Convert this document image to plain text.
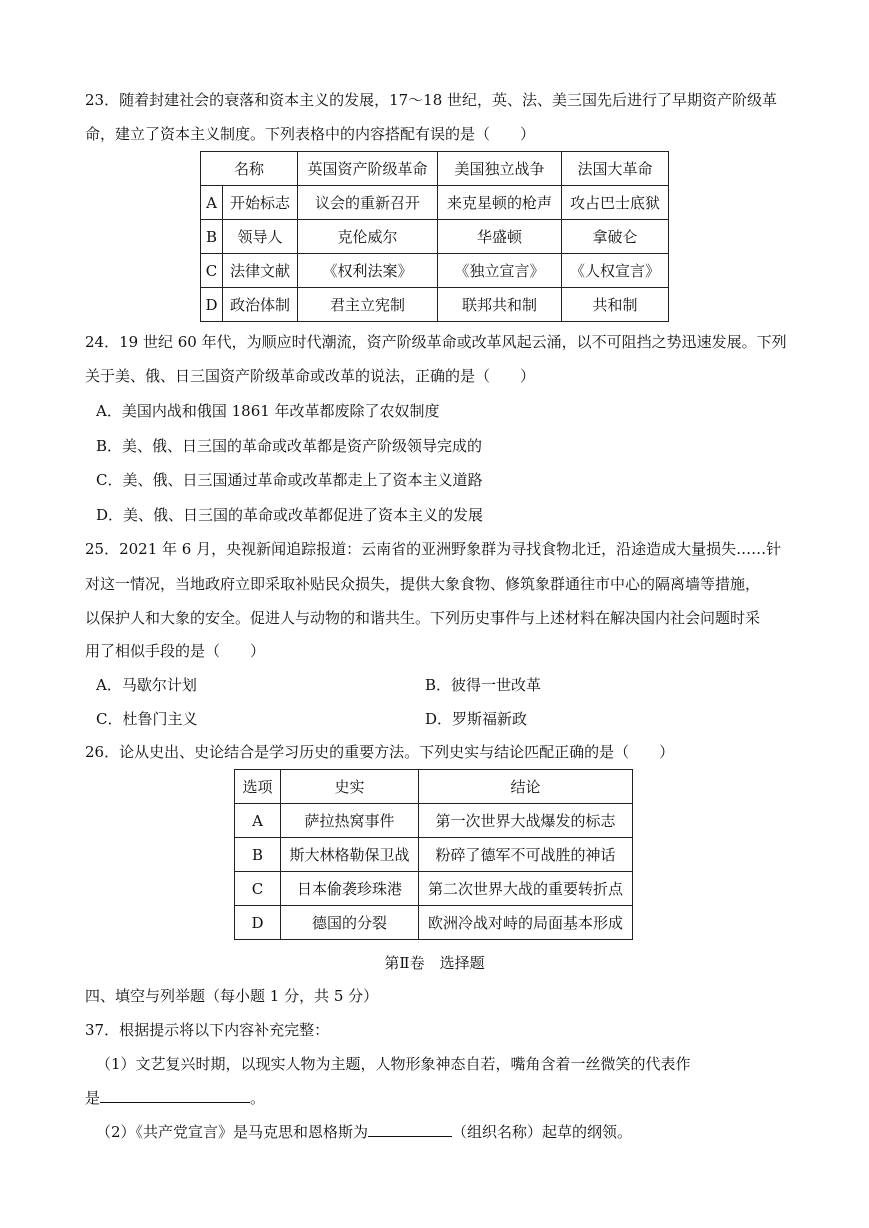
23．随着封建社会的衰落和资本主义的发展，17～18 世纪，英、法、美三国先后进行了早期资产阶级革
命，建立了资本主义制度。下列表格中的内容搭配有误的是（　　）
名称		英国资产阶级革命	美国独立战争	法国大革命
A	开始标志	议会的重新召开	来克星顿的枪声	攻占巴士底狱
B	领导人	克伦威尔	华盛顿	拿破仑
C	法律文献	《权利法案》	《独立宣言》	《人权宣言》
D	政治体制	君主立宪制	联邦共和制	共和制
24．19 世纪 60 年代，为顺应时代潮流，资产阶级革命或改革风起云涌，以不可阻挡之势迅速发展。下列
关于美、俄、日三国资产阶级革命或改革的说法，正确的是（　　）
A．美国内战和俄国 1861 年改革都废除了农奴制度
B．美、俄、日三国的革命或改革都是资产阶级领导完成的
C．美、俄、日三国通过革命或改革都走上了资本主义道路
D．美、俄、日三国的革命或改革都促进了资本主义的发展
25．2021 年 6 月，央视新闻追踪报道：云南省的亚洲野象群为寻找食物北迁，沿途造成大量损失……针
对这一情况，当地政府立即采取补贴民众损失，提供大象食物、修筑象群通往市中心的隔离墙等措施，
以保护人和大象的安全。促进人与动物的和谐共生。下列历史事件与上述材料在解决国内社会问题时采
用了相似手段的是（　　）
A．马歇尔计划	B．彼得一世改革
C．杜鲁门主义	D．罗斯福新政
26．论从史出、史论结合是学习历史的重要方法。下列史实与结论匹配正确的是（　　）
选项	史实	结论
A	萨拉热窝事件	第一次世界大战爆发的标志
B	斯大林格勒保卫战	粉碎了德军不可战胜的神话
C	日本偷袭珍珠港	第二次世界大战的重要转折点
D	德国的分裂	欧洲冷战对峙的局面基本形成
第Ⅱ卷　选择题
四、填空与列举题（每小题 1 分，共 5 分）
37．根据提示将以下内容补充完整：
（1）文艺复兴时期，以现实人物为主题，人物形象神态自若，嘴角含着一丝微笑的代表作
是	。
（2）《共产党宣言》是马克思和恩格斯为	（组织名称）起草的纲领。
